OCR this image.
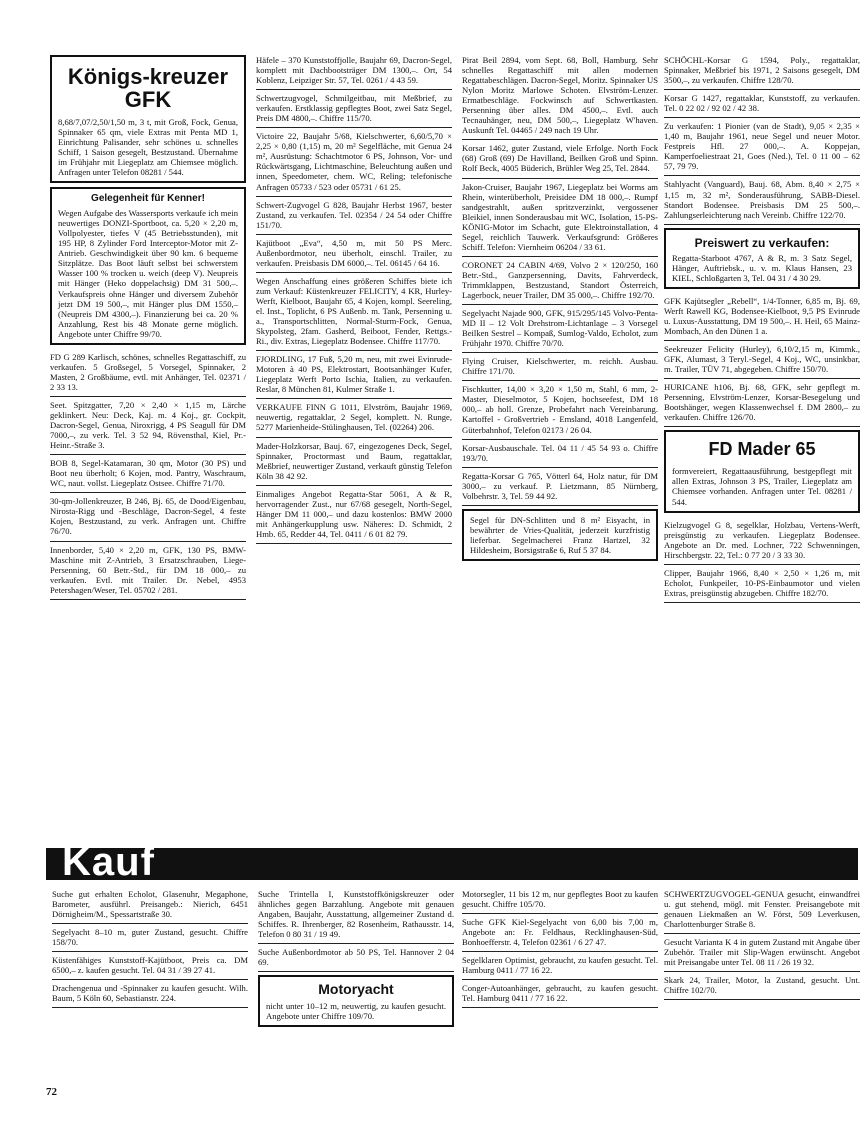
Königs-kreuzer GFK
8,68/7,07/2,50/1,50 m, 3 t, mit Groß, Fock, Genua, Spinnaker 65 qm, viele Extras mit Penta MD 1, Einrichtung Palisander, sehr schönes u. schnelles Schiff, 1 Saison gesegelt, Bestzustand. Übernahme im Frühjahr mit Liegeplatz am Chiemsee möglich. Anfragen unter Telefon 08281 / 544.
Gelegenheit für Kenner!
Wegen Aufgabe des Wassersports verkaufe ich mein neuwertiges DONZI-Sportboot, ca. 5,20 × 2,20 m, Vollpolyester, tiefes V (45 Betriebsstunden), mit 195 HP, 8 Zylinder Ford Interceptor-Motor mit Z-Antrieb. Geschwindigkeit über 90 km. 6 bequeme Sitzplätze. Das Boot läuft selbst bei schwerstem Wasser 100 % trocken u. weich (deep V). Neupreis mit Hänger (Heko doppelachsig) DM 31 500,–. Verkaufspreis ohne Hänger und diversem Zubehör jetzt DM 19 500,–, mit Hänger plus DM 1550,– (Neupreis DM 4300,–). Finanzierung bei ca. 20 % Anzahlung, Rest bis 48 Monate gerne möglich. Angebote unter Chiffre 99/70.
FD G 289 Karlisch, schönes, schnelles Regattaschiff, zu verkaufen. 5 Großsegel, 5 Vorsegel, Spinnaker, 2 Masten, 2 Großbäume, evtl. mit Anhänger, Tel. 02371 / 2 33 13.
Seet. Spitzgatter, 7,20 × 2,40 × 1,15 m, Lärche geklinkert. Neu: Deck, Kaj. m. 4 Koj., gr. Cockpit, Dacron-Segel, Genua, Niroxrigg, 4 PS Seagull für DM 7000,–, zu verk. Tel. 3 52 94, Rövensthal, Kiel, Pr.-Heinr.-Straße 3.
BOB 8, Segel-Katamaran, 30 qm, Motor (30 PS) und Boot neu überholt; 6 Kojen, mod. Pantry, Waschraum, WC, naut. vollst. Liegeplatz Ostsee. Chiffre 71/70.
30-qm-Jollenkreuzer, B 246, Bj. 65, de Dood/Eigenbau, Nirosta-Rigg und -Beschläge, Dacron-Segel, 4 feste Kojen, Bestzustand, zu verk. Anfragen unt. Chiffre 76/70.
Innenborder, 5,40 × 2,20 m, GFK, 130 PS, BMW-Maschine mit Z-Antrieb, 3 Ersatzschrauben, Liege-Persenning, 60 Betr.-Std., für DM 18 000,– zu verkaufen. Evtl. mit Trailer. Dr. Nebel, 4953 Petershagen/Weser, Tel. 05702 / 281.
Häfele – 370 Kunststoffjolle, Baujahr 69, Dacron-Segel, komplett mit Dachbootsträger DM 1300,–. Ort, 54 Koblenz, Leipziger Str. 57, Tel. 0261 / 4 43 59.
Schwertzugvogel, Schmilgeitbau, mit Meßbrief, zu verkaufen. Erstklassig gepflegtes Boot, zwei Satz Segel, Preis DM 4800,–. Chiffre 115/70.
Victoire 22, Baujahr 5/68, Kielschwerter, 6,60/5,70 × 2,25 × 0,80 (1,15) m, 20 m² Segelfläche, mit Genua 24 m², Ausrüstung: Schachtmotor 6 PS, Johnson, Vor- und Rückwärtsgang, Lichtmaschine, Beleuchtung außen und innen, Speedometer, chem. WC, Reling; telefonische Anfragen 05733 / 523 oder 05731 / 61 25.
Schwert-Zugvogel G 828, Baujahr Herbst 1967, bester Zustand, zu verkaufen. Tel. 02354 / 24 54 oder Chiffre 151/70.
Kajütboot „Eva“, 4,50 m, mit 50 PS Merc. Außenbordmotor, neu überholt, einschl. Trailer, zu verkaufen. Preisbasis DM 6000,–. Tel. 06145 / 64 16.
Wegen Anschaffung eines größeren Schiffes biete ich zum Verkauf: Küstenkreuzer FELICITY, 4 KR, Hurley-Werft, Kielboot, Baujahr 65, 4 Kojen, kompl. Seereling, el. Inst., Toplicht, 6 PS Außenb. m. Tank, Persenning u. a., Transportschlitten, Normal-Sturm-Fock, Genua, Skypolsteg, 2fam. Gasherd, Beiboot, Fender, Rettgs.-Ri., div. Extras, Liegeplatz Bodensee. Chiffre 117/70.
FJORDLING, 17 Fuß, 5,20 m, neu, mit zwei Evinrude-Motoren à 40 PS, Elektrostart, Bootsanhänger Kufer, Liegeplatz Werft Porto Ischia, Italien, zu verkaufen. Reslar, 8 München 81, Kulmer Straße 1.
VERKAUFE FINN G 1011, Elvström, Baujahr 1969, neuwertig, regattaklar, 2 Segel, komplett. N. Runge, 5277 Marienheide-Stülinghausen, Tel. (02264) 206.
Mader-Holzkorsar, Bauj. 67, eingezogenes Deck, Segel, Spinnaker, Proctormast und Baum, regattaklar, Meßbrief, neuwertiger Zustand, verkauft günstig Telefon Köln 38 42 92.
Einmaliges Angebot Regatta-Star 5061, A & R, hervorragender Zust., nur 67/68 gesegelt, North-Segel, Hänger DM 11 000,– und dazu kostenlos: BMW 2000 mit Anhängerkupplung usw. Näheres: D. Schmidt, 2 Hmb. 65, Redder 44, Tel. 0411 / 6 01 82 79.
Pirat Beil 2894, vom Sept. 68, Boll, Hamburg. Sehr schnelles Regattaschiff mit allen modernen Regattabeschlägen. Dacron-Segel, Moritz. Spinnaker US Nylon Moritz Marlowe Schoten. Elvström-Lenzer. Ermatbeschläge. Fockwinsch auf Schwertkasten. Persenning über alles. DM 4500,–. Evtl. auch Tecnauhänger, neu, DM 500,–, Liegeplatz W'haven. Auskunft Tel. 04465 / 249 nach 19 Uhr.
Korsar 1462, guter Zustand, viele Erfolge. North Fock (68) Groß (69) De Havilland, Beilken Groß und Spinn. Rolf Beck, 4005 Büderich, Brühler Weg 25, Tel. 2844.
Jakon-Cruiser, Baujahr 1967, Liegeplatz bei Worms am Rhein, winterüberholt, Preisidee DM 18 000,–. Rumpf sandgestrahlt, außen spritzverzinkt, vergossener Bleikiel, innen Sonderausbau mit WC, Isolation, 15-PS-KÖNIG-Motor im Schacht, gute Elektroinstallation, 4 Segel, reichlich Tauwerk. Verkaufsgrund: Größeres Schiff. Telefon: Viernheim 06204 / 33 61.
CORONET 24 CABIN 4/69, Volvo 2 × 120/250, 160 Betr.-Std., Ganzpersenning, Davits, Fahrverdeck, Trimmklappen, Bestzustand, Standort Österreich, Lagerbock, neuer Trailer, DM 35 000,–. Chiffre 192/70.
Segelyacht Najade 900, GFK, 915/295/145 Volvo-Penta-MD II – 12 Volt Drehstrom-Lichtanlage – 3 Vorsegel Beilken Sestrel – Kompaß, Sumlog-Valdo, Echolot, zum Frühjahr 1970. Chiffre 70/70.
Flying Cruiser, Kielschwerter, m. reichh. Ausbau. Chiffre 171/70.
Fischkutter, 14,00 × 3,20 × 1,50 m, Stahl, 6 mm, 2-Master, Dieselmotor, 5 Kojen, hochseefest, DM 18 000,– ab holl. Grenze, Probefahrt nach Vereinbarung. Kartoffel - Großvertrieb - Emsland, 4018 Langenfeld, Güterbahnhof, Telefon 02173 / 26 04.
Korsar-Ausbauschale. Tel. 04 11 / 45 54 93 o. Chiffre 193/70.
Regatta-Korsar G 765, Vötterl 64, Holz natur, für DM 3000,– zu verkauf. P. Lietzmann, 85 Nürnberg, Volbehrstr. 3, Tel. 59 44 92.
Segel für DN-Schlitten und 8 m² Eisyacht, in bewährter de Vries-Qualität, jederzeit kurzfristig lieferbar. Segelmacherei Franz Hartzel, 32 Hildesheim, Borsigstraße 6, Ruf 5 37 84.
SCHÖCHL-Korsar G 1594, Poly., regattaklar, Spinnaker, Meßbrief bis 1971, 2 Saisons gesegelt, DM 3500,–, zu verkaufen. Chiffre 128/70.
Korsar G 1427, regattaklar, Kunststoff, zu verkaufen. Tel. 0 22 02 / 92 02 / 42 38.
Zu verkaufen: 1 Pionier (van de Stadt), 9,05 × 2,35 × 1,40 m, Baujahr 1961, neue Segel und neuer Motor. Festpreis Hfl. 27 000,–. A. Koppejan, Kamperfoeliestraat 21, Goes (Ned.), Tel. 0 11 00 – 62 57, 79 79.
Stahlyacht (Vanguard), Bauj. 68, Abm. 8,40 × 2,75 × 1,15 m, 32 m², Sonderausführung, SABB-Diesel. Standort Bodensee. Preisbasis DM 25 500,–. Zahlungserleichterung nach Vereinb. Chiffre 122/70.
Preiswert zu verkaufen:
Regatta-Starboot 4767, A & R, m. 3 Satz Segel, Hänger, Auftriebsk., u. v. m. Klaus Hansen, 23 KIEL, Schloßgarten 3, Tel. 04 31 / 4 30 29.
GFK Kajütsegler „Rebell“, 1/4-Tonner, 6,85 m, Bj. 69, Werft Rawell KG, Bodensee-Kielboot, 9,5 PS Evinrude u. Luxus-Ausstattung, DM 19 500,–. H. Heil, 65 Mainz-Mombach, An den Dünen 1 a.
Seekreuzer Felicity (Hurley), 6,10/2,15 m, Kimmk., GFK, Alumast, 3 Teryl.-Segel, 4 Koj., WC, unsinkbar, m. Trailer, TÜV 71, abgegeben. Chiffre 150/70.
HURICANE h106, Bj. 68, GFK, sehr gepflegt m. Persenning, Elvström-Lenzer, Korsar-Besegelung und Bootshänger, wegen Klassenwechsel f. DM 2800,– zu verkaufen. Chiffre 126/70.
FD Mader 65
formvereiert, Regattaausführung, bestgepflegt mit allen Extras, Johnson 3 PS, Trailer, Liegeplatz am Chiemsee vorhanden. Anfragen unter Tel. 08281 / 544.
Kielzugvogel G 8, segelklar, Holzbau, Vertens-Werft, preisgünstig zu verkaufen. Liegeplatz Bodensee. Angebote an Dr. med. Lochner, 722 Schwenningen, Hirschbergstr. 22, Tel.: 0 77 20 / 3 33 30.
Clipper, Baujahr 1966, 8,40 × 2,50 × 1,26 m, mit Echolot, Funkpeiler, 10-PS-Einbaumotor und vielen Extras, preisgünstig abzugeben. Chiffre 182/70.
Kauf
Suche gut erhalten Echolot, Glasenuhr, Megaphone, Barometer, ausführl. Preisangeb.: Nierich, 6451 Dörnigheim/M., Spessartstraße 30.
Segelyacht 8–10 m, guter Zustand, gesucht. Chiffre 158/70.
Küstenfähiges Kunststoff-Kajütboot, Preis ca. DM 6500,– z. kaufen gesucht. Tel. 04 31 / 39 27 41.
Drachengenua und -Spinnaker zu kaufen gesucht. Wilh. Baum, 5 Köln 60, Sebastianstr. 224.
Suche Trintella I, Kunststoffkönigskreuzer oder ähnliches gegen Barzahlung. Angebote mit genauen Angaben, Baujahr, Ausstattung, allgemeiner Zustand d. Schiffes. R. Ihrenberger, 82 Rosenheim, Rathausstr. 14, Telefon 0 80 31 / 19 49.
Suche Außenbordmotor ab 50 PS, Tel. Hannover 2 04 69.
Motoryacht
nicht unter 10–12 m, neuwertig, zu kaufen gesucht. Angebote unter Chiffre 109/70.
Motorsegler, 11 bis 12 m, nur gepflegtes Boot zu kaufen gesucht. Chiffre 105/70.
Suche GFK Kiel-Segelyacht von 6,00 bis 7,00 m, Angebote an: Fr. Feldhaus, Recklinghausen-Süd, Bonhoefferstr. 4, Telefon 02361 / 6 27 47.
Segelklaren Optimist, gebraucht, zu kaufen gesucht. Tel. Hamburg 0411 / 77 16 22.
Conger-Autoanhänger, gebraucht, zu kaufen gesucht. Tel. Hamburg 0411 / 77 16 22.
SCHWERTZUGVOGEL-GENUA gesucht, einwandfrei u. gut stehend, mögl. mit Fenster. Preisangebote mit genauen Liekmaßen an W. Först, 509 Leverkusen, Charlottenburger Straße 8.
Gesucht Varianta K 4 in gutem Zustand mit Angabe über Zubehör. Trailer mit Slip-Wagen erwünscht. Angebot mit Preisangabe unter Tel. 08 11 / 26 19 32.
Skark 24, Trailer, Motor, la Zustand, gesucht. Unt. Chiffre 102/70.
72
